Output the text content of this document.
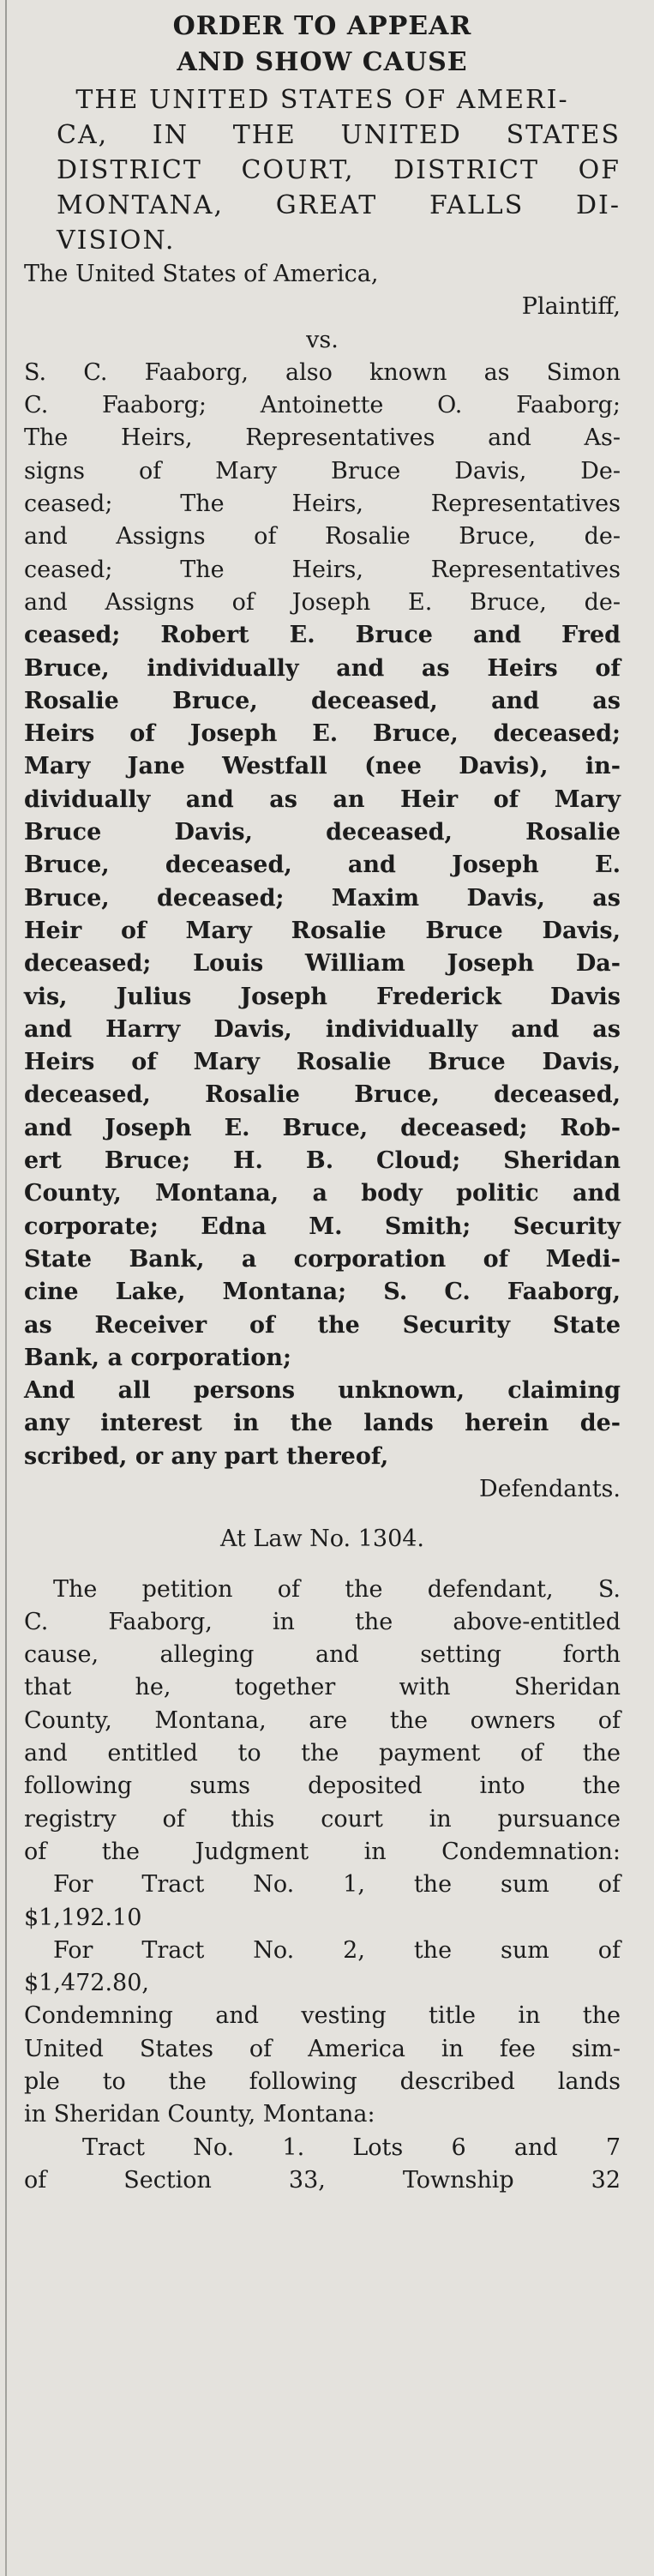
ORDER TO APPEAR
AND SHOW CAUSE
THE UNITED STATES OF AMERI-
CA, IN THE UNITED STATES
DISTRICT COURT, DISTRICT OF
MONTANA, GREAT FALLS DI-
VISION.
The United States of America,
Plaintiff,
vs.
S. C. Faaborg, also known as Simon
C. Faaborg; Antoinette O. Faaborg;
The Heirs, Representatives and As-
signs of Mary Bruce Davis, De-
ceased; The Heirs, Representatives
and Assigns of Rosalie Bruce, de-
ceased; The Heirs, Representatives
and Assigns of Joseph E. Bruce, de-
ceased; Robert E. Bruce and Fred
Bruce, individually and as Heirs of
Rosalie Bruce, deceased, and as
Heirs of Joseph E. Bruce, deceased;
Mary Jane Westfall (nee Davis), in-
dividually and as an Heir of Mary
Bruce Davis, deceased, Rosalie
Bruce, deceased, and Joseph E.
Bruce, deceased; Maxim Davis, as
Heir of Mary Rosalie Bruce Davis,
deceased; Louis William Joseph Da-
vis, Julius Joseph Frederick Davis
and Harry Davis, individually and as
Heirs of Mary Rosalie Bruce Davis,
deceased, Rosalie Bruce, deceased,
and Joseph E. Bruce, deceased; Rob-
ert Bruce; H. B. Cloud; Sheridan
County, Montana, a body politic and
corporate; Edna M. Smith; Security
State Bank, a corporation of Medi-
cine Lake, Montana; S. C. Faaborg,
as Receiver of the Security State
Bank, a corporation;
And all persons unknown, claiming
any interest in the lands herein de-
scribed, or any part thereof,
Defendants.
At Law No. 1304.
The petition of the defendant, S.
C. Faaborg, in the above-entitled
cause, alleging and setting forth
that he, together with Sheridan
County, Montana, are the owners of
and entitled to the payment of the
following sums deposited into the
registry of this court in pursuance
of the Judgment in Condemnation:
For Tract No. 1, the sum of
$1,192.10
For Tract No. 2, the sum of
$1,472.80,
Condemning and vesting title in the
United States of America in fee sim-
ple to the following described lands
in Sheridan County, Montana:
Tract No. 1. Lots 6 and 7
of Section 33, Township 32
